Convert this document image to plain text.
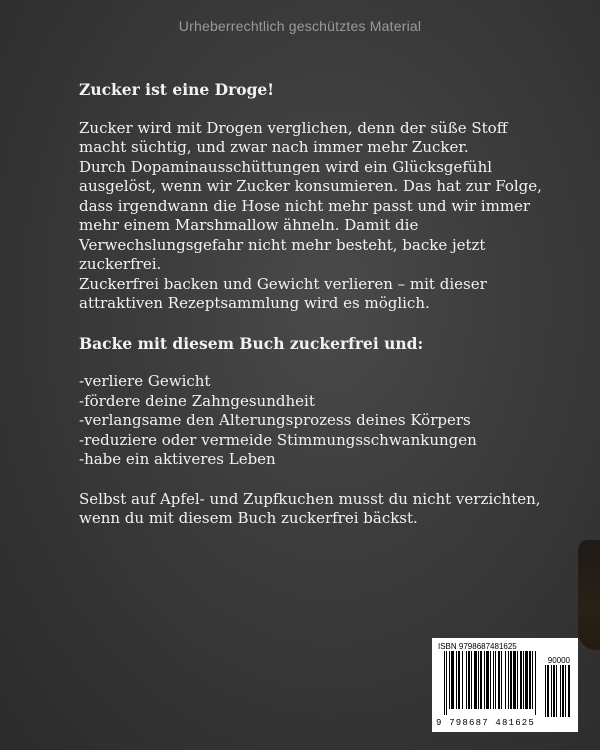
Urheberrechtlich geschütztes Material
Zucker ist eine Droge!
Zucker wird mit Drogen verglichen, denn der süße Stoff
macht süchtig, und zwar nach immer mehr Zucker.
Durch Dopaminausschüttungen wird ein Glücksgefühl
ausgelöst, wenn wir Zucker konsumieren. Das hat zur Folge,
dass irgendwann die Hose nicht mehr passt und wir immer
mehr einem Marshmallow ähneln. Damit die
Verwechslungsgefahr nicht mehr besteht, backe jetzt
zuckerfrei.
Zuckerfrei backen und Gewicht verlieren – mit dieser
attraktiven Rezeptsammlung wird es möglich.
Backe mit diesem Buch zuckerfrei und:
-verliere Gewicht
-fördere deine Zahngesundheit
-verlangsame den Alterungsprozess deines Körpers
-reduziere oder vermeide Stimmungsschwankungen
-habe ein aktiveres Leben
Selbst auf Apfel- und Zupfkuchen musst du nicht verzichten,
wenn du mit diesem Buch zuckerfrei bäckst.
ISBN 9798687481625
90000
9 798687 481625
